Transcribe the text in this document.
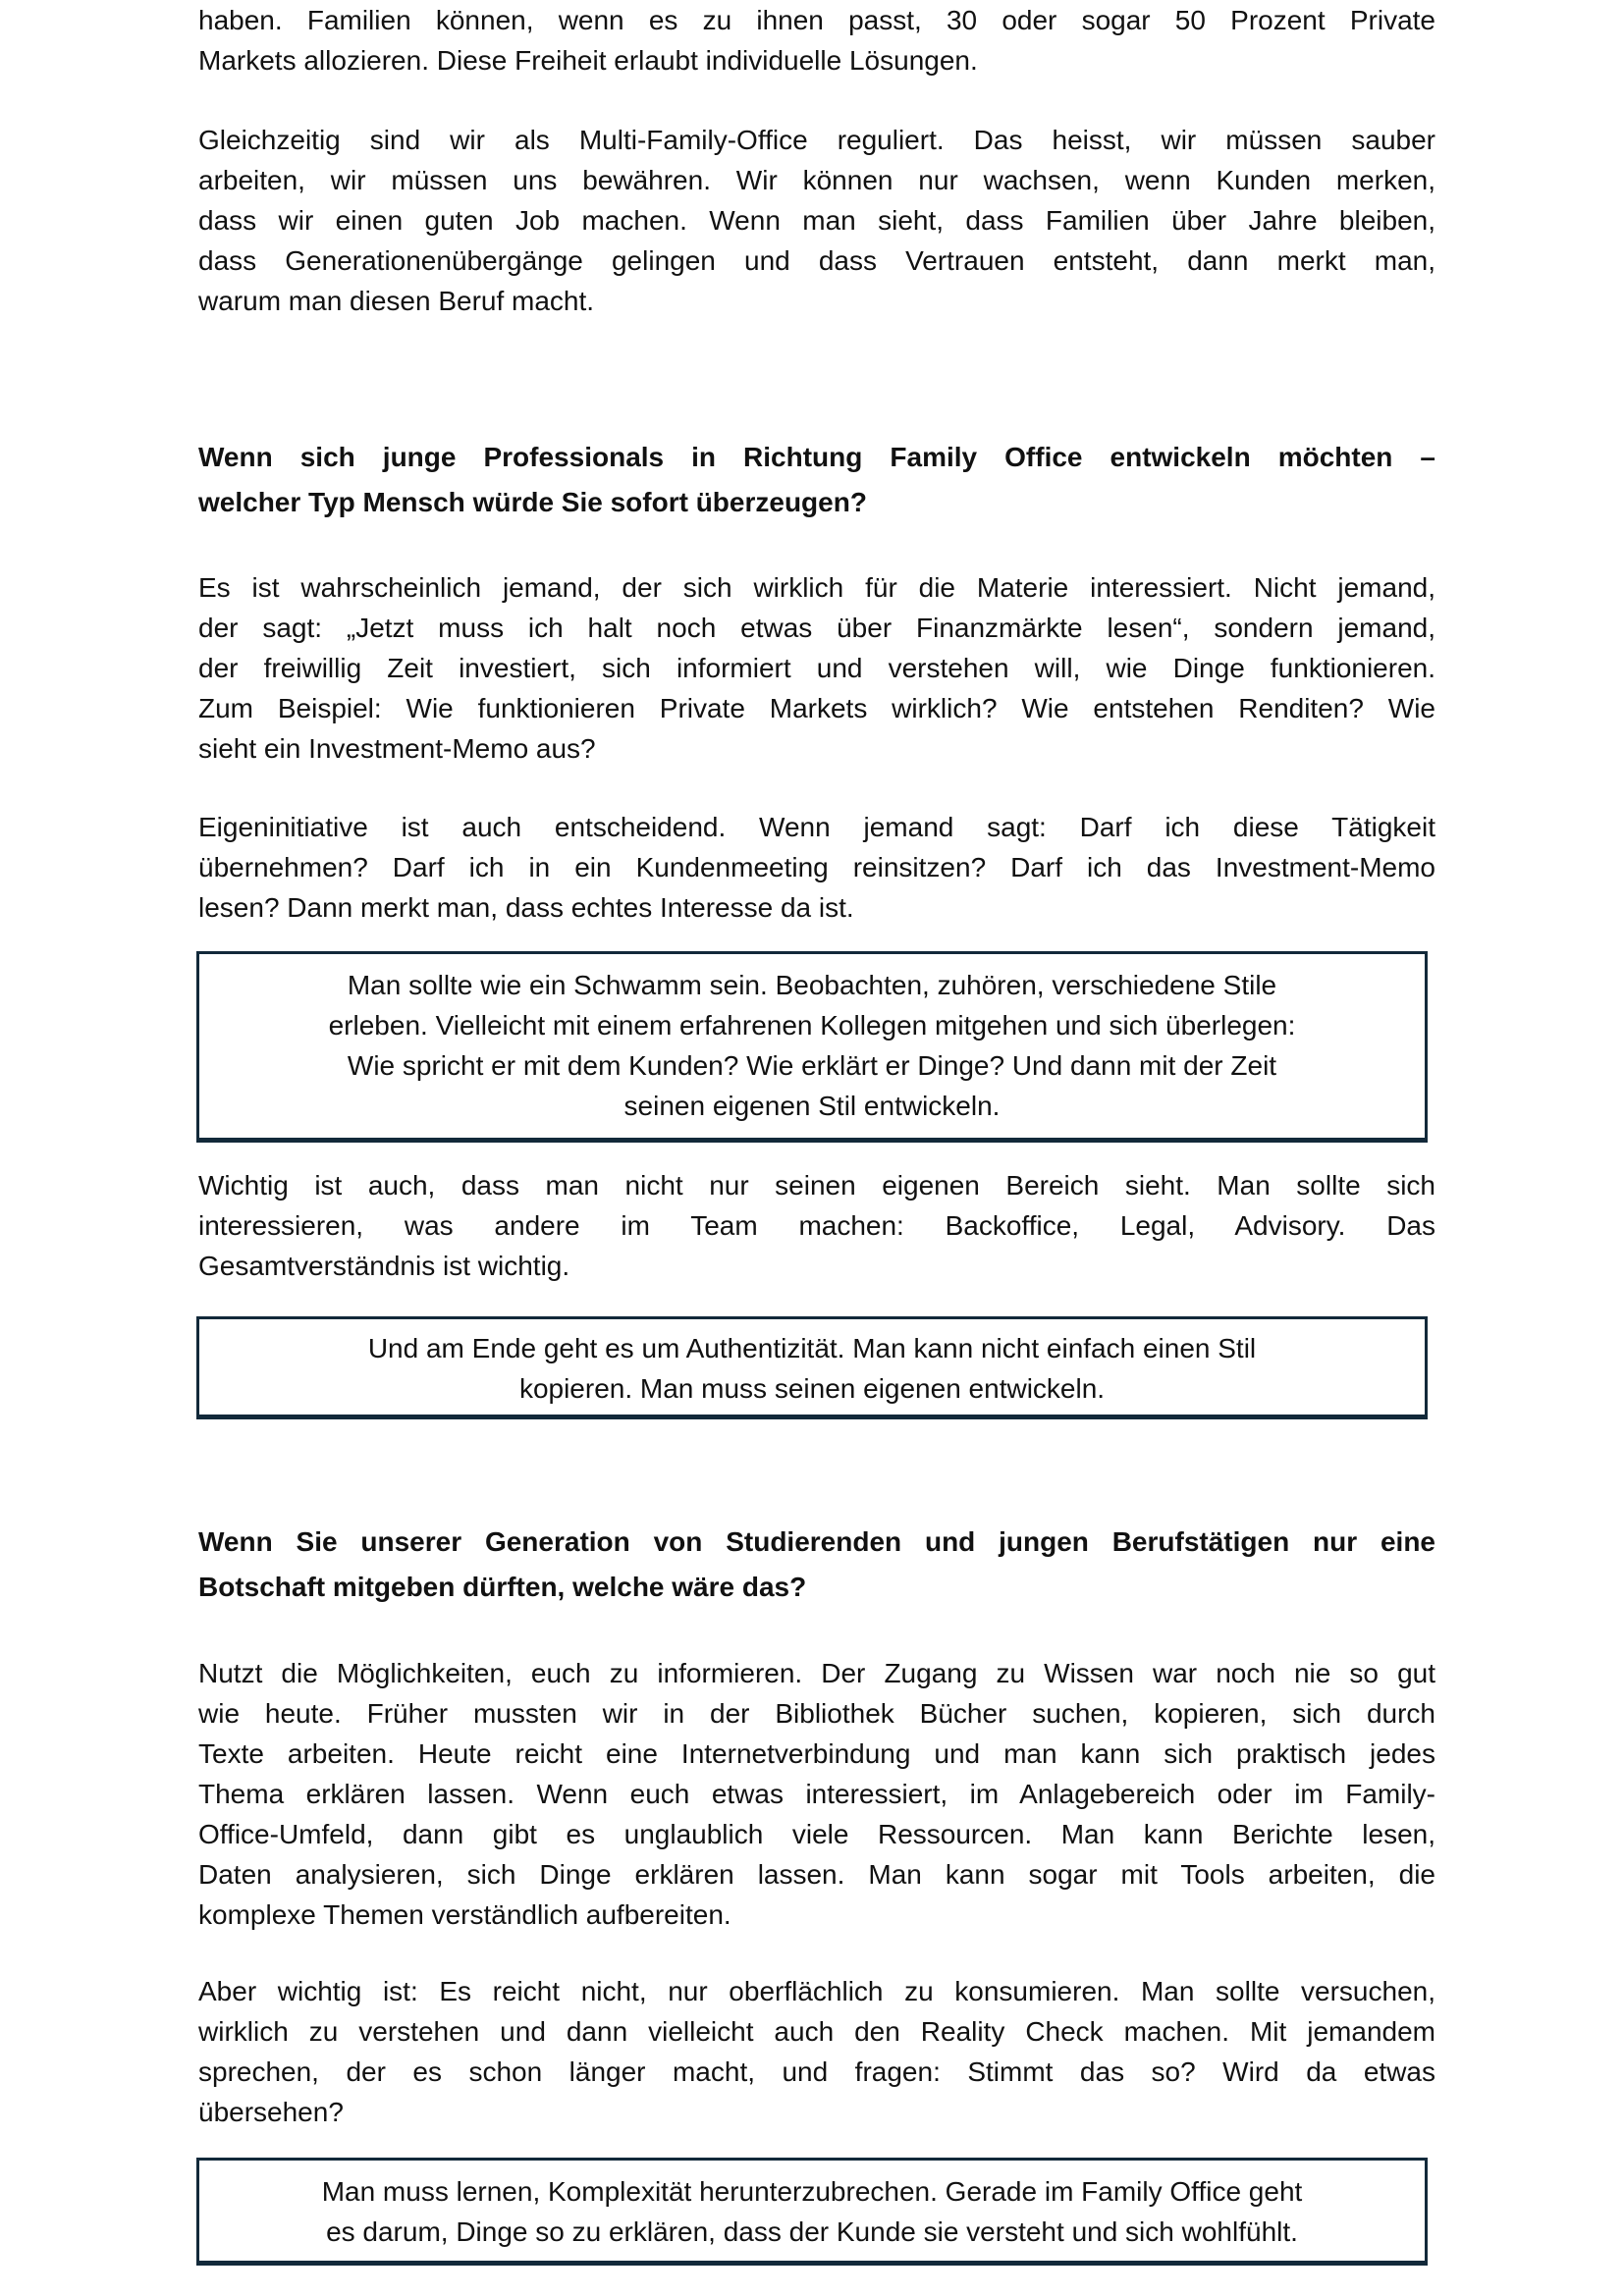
haben. Familien können, wenn es zu ihnen passt, 30 oder sogar 50 Prozent Private
Markets allozieren. Diese Freiheit erlaubt individuelle Lösungen.
Gleichzeitig sind wir als Multi-Family-Office reguliert. Das heisst, wir müssen sauber
arbeiten, wir müssen uns bewähren. Wir können nur wachsen, wenn Kunden merken,
dass wir einen guten Job machen. Wenn man sieht, dass Familien über Jahre bleiben,
dass Generationenübergänge gelingen und dass Vertrauen entsteht, dann merkt man,
warum man diesen Beruf macht.
Wenn sich junge Professionals in Richtung Family Office entwickeln möchten –
welcher Typ Mensch würde Sie sofort überzeugen?
Es ist wahrscheinlich jemand, der sich wirklich für die Materie interessiert. Nicht jemand,
der sagt: „Jetzt muss ich halt noch etwas über Finanzmärkte lesen“, sondern jemand,
der freiwillig Zeit investiert, sich informiert und verstehen will, wie Dinge funktionieren.
Zum Beispiel: Wie funktionieren Private Markets wirklich? Wie entstehen Renditen? Wie
sieht ein Investment-Memo aus?
Eigeninitiative ist auch entscheidend. Wenn jemand sagt: Darf ich diese Tätigkeit
übernehmen? Darf ich in ein Kundenmeeting reinsitzen? Darf ich das Investment-Memo
lesen? Dann merkt man, dass echtes Interesse da ist.
Man sollte wie ein Schwamm sein. Beobachten, zuhören, verschiedene Stile
erleben. Vielleicht mit einem erfahrenen Kollegen mitgehen und sich überlegen:
Wie spricht er mit dem Kunden? Wie erklärt er Dinge? Und dann mit der Zeit
seinen eigenen Stil entwickeln.
Wichtig ist auch, dass man nicht nur seinen eigenen Bereich sieht. Man sollte sich
interessieren, was andere im Team machen: Backoffice, Legal, Advisory. Das
Gesamtverständnis ist wichtig.
Und am Ende geht es um Authentizität. Man kann nicht einfach einen Stil
kopieren. Man muss seinen eigenen entwickeln.
Wenn Sie unserer Generation von Studierenden und jungen Berufstätigen nur eine
Botschaft mitgeben dürften, welche wäre das?
Nutzt die Möglichkeiten, euch zu informieren. Der Zugang zu Wissen war noch nie so gut
wie heute. Früher mussten wir in der Bibliothek Bücher suchen, kopieren, sich durch
Texte arbeiten. Heute reicht eine Internetverbindung und man kann sich praktisch jedes
Thema erklären lassen. Wenn euch etwas interessiert, im Anlagebereich oder im Family-
Office-Umfeld, dann gibt es unglaublich viele Ressourcen. Man kann Berichte lesen,
Daten analysieren, sich Dinge erklären lassen. Man kann sogar mit Tools arbeiten, die
komplexe Themen verständlich aufbereiten.
Aber wichtig ist: Es reicht nicht, nur oberflächlich zu konsumieren. Man sollte versuchen,
wirklich zu verstehen und dann vielleicht auch den Reality Check machen. Mit jemandem
sprechen, der es schon länger macht, und fragen: Stimmt das so? Wird da etwas
übersehen?
Man muss lernen, Komplexität herunterzubrechen. Gerade im Family Office geht
es darum, Dinge so zu erklären, dass der Kunde sie versteht und sich wohlfühlt.
